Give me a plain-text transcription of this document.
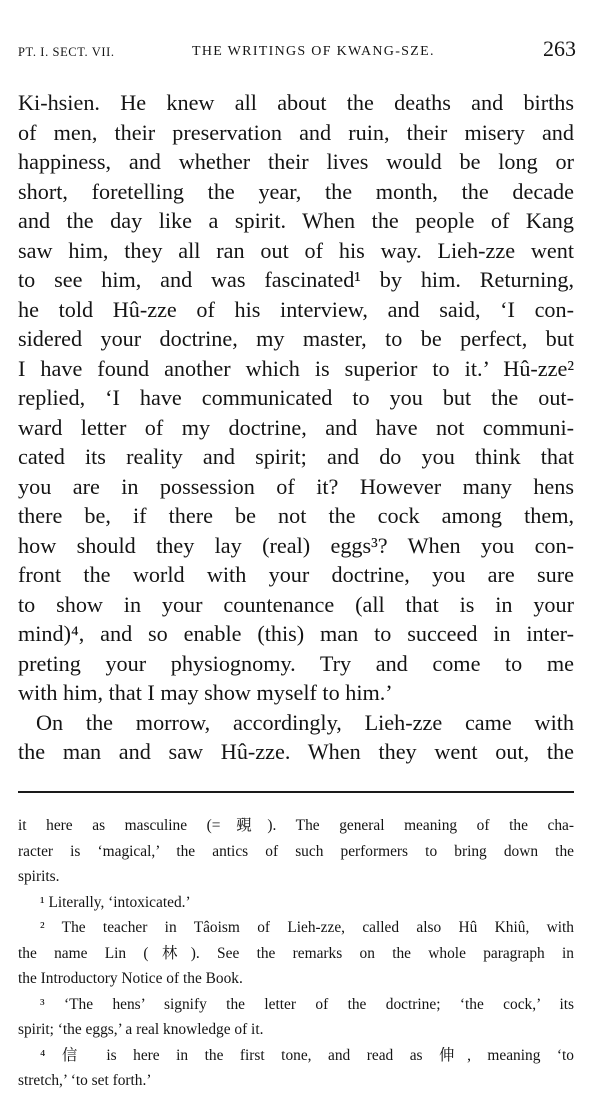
PT. I. SECT. VII.	THE WRITINGS OF KWANG-SZE.	263
Ki-hsien. He knew all about the deaths and births
of men, their preservation and ruin, their misery and
happiness, and whether their lives would be long or
short, foretelling the year, the month, the decade
and the day like a spirit. When the people of Kang
saw him, they all ran out of his way. Lieh-zze went
to see him, and was fascinated¹ by him. Returning,
he told Hû-zze of his interview, and said, ‘I con-
sidered your doctrine, my master, to be perfect, but
I have found another which is superior to it.’ Hû-zze²
replied, ‘I have communicated to you but the out-
ward letter of my doctrine, and have not communi-
cated its reality and spirit; and do you think that
you are in possession of it? However many hens
there be, if there be not the cock among them,
how should they lay (real) eggs³? When you con-
front the world with your doctrine, you are sure
to show in your countenance (all that is in your
mind)⁴, and so enable (this) man to succeed in inter-
preting your physiognomy. Try and come to me
with him, that I may show myself to him.’
On the morrow, accordingly, Lieh-zze came with
the man and saw Hû-zze. When they went out, the
it here as masculine (=覡). The general meaning of the cha-
racter is ‘magical,’ the antics of such performers to bring down the
spirits.
¹ Literally, ‘intoxicated.’
² The teacher in Tâoism of Lieh-zze, called also Hû Khiû, with
the name Lin (林). See the remarks on the whole paragraph in
the Introductory Notice of the Book.
³ ‘The hens’ signify the letter of the doctrine; ‘the cock,’ its
spirit; ‘the eggs,’ a real knowledge of it.
⁴ 信 is here in the first tone, and read as 伸, meaning ‘to
stretch,’ ‘to set forth.’
